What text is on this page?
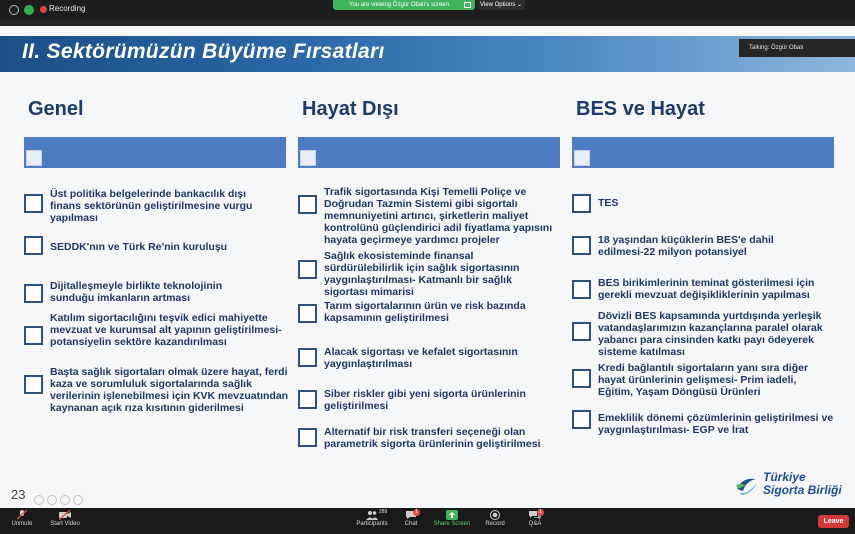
Recording	You are viewing Özgür Obalı's screen	View Options ⌄
II. Sektörümüzün Büyüme Fırsatları	Talking: Özgür Obalı
Genel	Hayat Dışı	BES ve Hayat
Üst politika belgelerinde bankacılık dışı finans sektörünün geliştirilmesine vurgu yapılması
SEDDK'nın ve Türk Re'nin kuruluşu
Dijitalleşmeyle birlikte teknolojinin sunduğu imkanların artması
Katılım sigortacılığını teşvik edici mahiyette mevzuat ve kurumsal alt yapının geliştirilmesi- potansiyelin sektöre kazandırılması
Başta sağlık sigortaları olmak üzere hayat, ferdi kaza ve sorumluluk sigortalarında sağlık verilerinin işlenebilmesi için KVK mevzuatından kaynanan açık rıza kısıtının giderilmesi
Trafik sigortasında Kişi Temelli Poliçe ve Doğrudan Tazmin Sistemi gibi sigortalı memnuniyetini artırıcı, şirketlerin maliyet kontrolünü güçlendirici adil fiyatlama yapısını hayata geçirmeye yardımcı projeler
Sağlık ekosisteminde finansal sürdürülebilirlik için sağlık sigortasının yaygınlaştırılması- Katmanlı bir sağlık sigortası mimarisi
Tarım sigortalarının ürün ve risk bazında kapsamının geliştirilmesi
Alacak sigortası ve kefalet sigortasının yaygınlaştırılması
Siber riskler gibi yeni sigorta ürünlerinin geliştirilmesi
Alternatif bir risk transferi seçeneği olan parametrik sigorta ürünlerinin geliştirilmesi
TES
18 yaşından küçüklerin BES'e dahil edilmesi-22 milyon potansiyel
BES birikimlerinin teminat gösterilmesi için gerekli mevzuat değişikliklerinin yapılması
Dövizli BES kapsamında yurtdışında yerleşik vatandaşlarımızın kazançlarına paralel olarak yabancı para cinsinden katkı payı ödeyerek sisteme katılması
Kredi bağlantılı sigortaların yanı sıra diğer hayat ürünlerinin gelişmesi- Prim iadeli, Eğitim, Yaşam Döngüsü Ürünleri
Emeklilik dönemi çözümlerinin geliştirilmesi ve yaygınlaştırılması- EGP ve İrat
23
Türkiye
Sigorta Birliği
Unmute	Start Video
289
Participants
1
Chat	Share Screen	Record
1
Q&A	Leave
